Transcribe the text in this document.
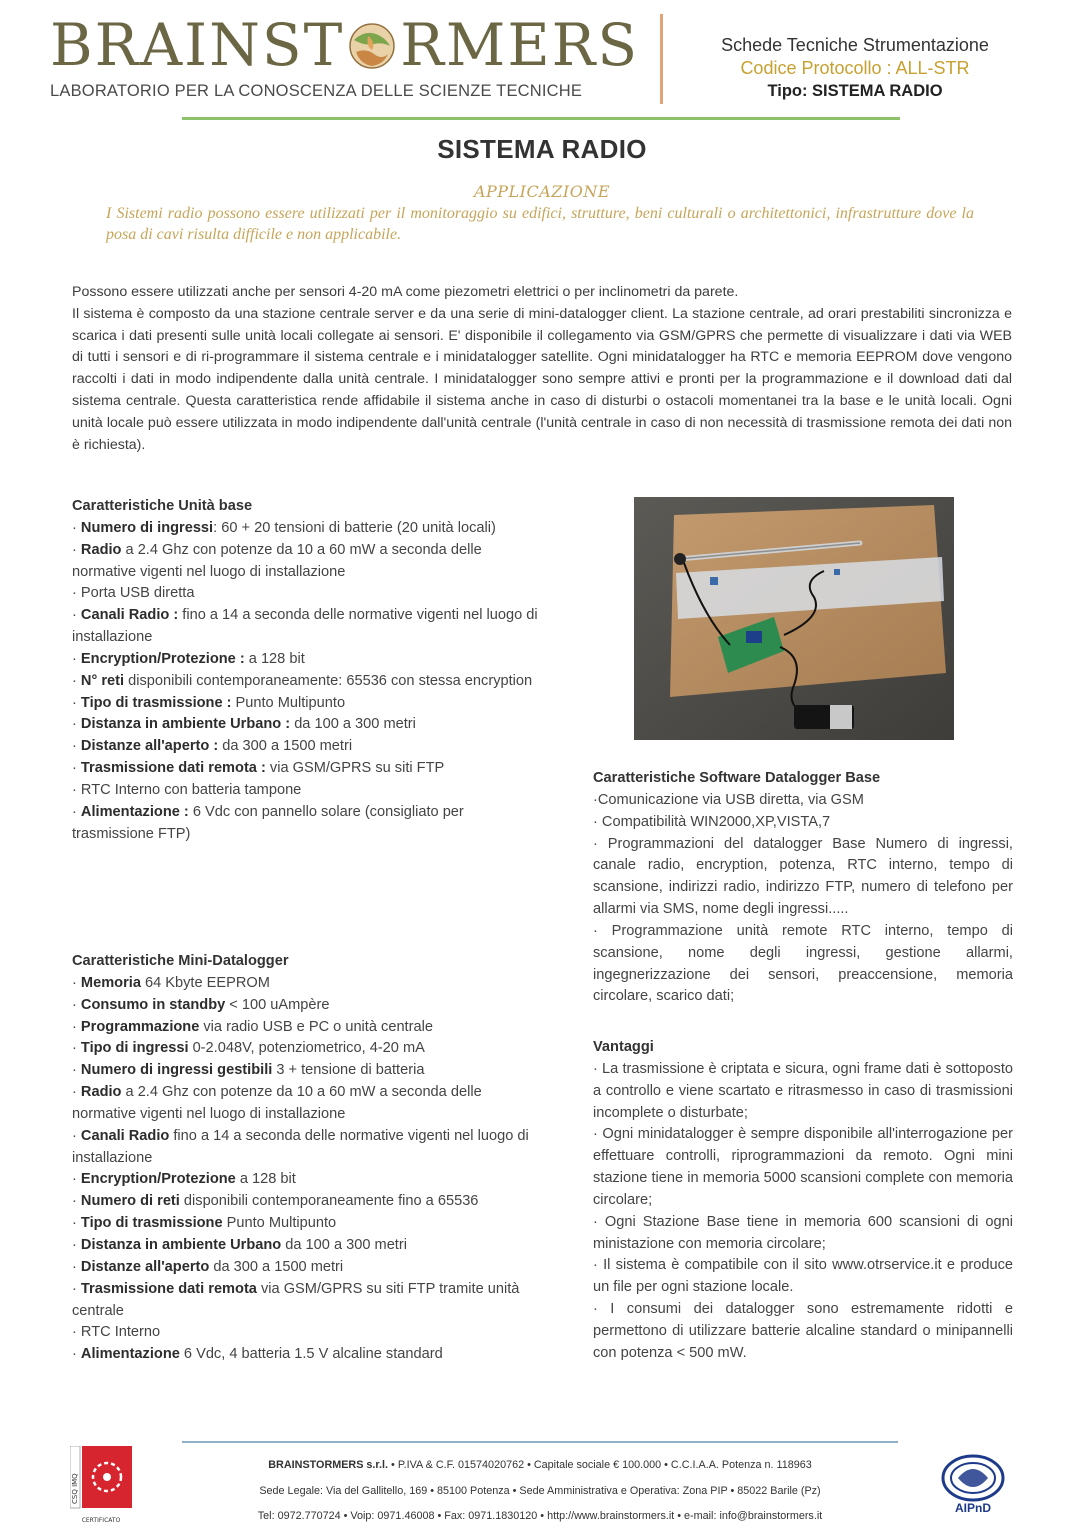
BRAINST RMERS
LABORATORIO PER LA CONOSCENZA DELLE SCIENZE TECNICHE
Schede Tecniche Strumentazione
Codice Protocollo : ALL-STR
Tipo: SISTEMA RADIO
SISTEMA RADIO
APPLICAZIONE
I Sistemi radio possono essere utilizzati per il monitoraggio su edifici, strutture, beni culturali o architettonici, infrastrutture dove la posa di cavi risulta difficile e non applicabile.

Possono essere utilizzati anche per sensori 4-20 mA come piezometri elettrici o per inclinometri da parete.

Il sistema è composto da una stazione centrale server e da una serie di mini-datalogger client. La stazione centrale, ad orari prestabiliti sincronizza e scarica i dati presenti sulle unità locali collegate ai sensori. E' disponibile il collegamento via GSM/GPRS che permette di visualizzare i dati via WEB di tutti i sensori e di ri-programmare il sistema centrale e i minidatalogger satellite. Ogni minidatalogger ha RTC e memoria EEPROM dove vengono raccolti i dati in modo indipendente dalla unità centrale. I minidatalogger sono sempre attivi e pronti per la programmazione e il download dati dal sistema centrale. Questa caratteristica rende affidabile il sistema anche in caso di disturbi o ostacoli momentanei tra la base e le unità locali. Ogni unità locale può essere utilizzata in modo indipendente dall'unità centrale (l'unità centrale in caso di non necessità di trasmissione remota dei dati non è richiesta).

Caratteristiche Unità base
· Numero di ingressi: 60 + 20 tensioni di batterie (20 unità locali)
· Radio a 2.4 Ghz con potenze da 10 a 60 mW a seconda delle normative vigenti nel luogo di installazione
· Porta USB diretta
· Canali Radio : fino a 14 a seconda delle normative vigenti nel luogo di installazione
· Encryption/Protezione : a 128 bit
· N° reti disponibili contemporaneamente: 65536 con stessa encryption
· Tipo di trasmissione : Punto Multipunto
· Distanza in ambiente Urbano : da 100 a 300 metri
· Distanze all'aperto : da 300 a 1500 metri
· Trasmissione dati remota : via GSM/GPRS su siti FTP
· RTC Interno con batteria tampone
· Alimentazione : 6 Vdc con pannello solare (consigliato per trasmissione FTP)
Caratteristiche Mini-Datalogger
· Memoria 64 Kbyte EEPROM
· Consumo in standby < 100 uAmpère
· Programmazione via radio USB e PC o unità centrale
· Tipo di ingressi 0-2.048V, potenziometrico, 4-20 mA
· Numero di ingressi gestibili 3 + tensione di batteria
· Radio a 2.4 Ghz con potenze da 10 a 60 mW a seconda delle normative vigenti nel luogo di installazione
· Canali Radio fino a 14 a seconda delle normative vigenti nel luogo di installazione
· Encryption/Protezione a 128 bit
· Numero di reti disponibili contemporaneamente fino a 65536
· Tipo di trasmissione Punto Multipunto
· Distanza in ambiente Urbano da 100 a 300 metri
· Distanze all'aperto da 300 a 1500 metri
· Trasmissione dati remota via GSM/GPRS su siti FTP tramite unità centrale
· RTC Interno
· Alimentazione 6 Vdc, 4 batteria 1.5 V alcaline standard
Caratteristiche Software Datalogger Base
·Comunicazione via USB diretta, via GSM
· Compatibilità WIN2000,XP,VISTA,7
· Programmazioni del datalogger Base Numero di ingressi, canale radio, encryption, potenza, RTC interno, tempo di scansione, indirizzi radio, indirizzo FTP, numero di telefono per allarmi via SMS, nome degli ingressi.....
· Programmazione unità remote RTC interno, tempo di scansione, nome degli ingressi, gestione allarmi, ingegnerizzazione dei sensori, preaccensione, memoria circolare, scarico dati;
Vantaggi
· La trasmissione è criptata e sicura, ogni frame dati è sottoposto a controllo e viene scartato e ritrasmesso in caso di trasmissioni incomplete o disturbate;
· Ogni minidatalogger è sempre disponibile all'interrogazione per effettuare controlli, riprogrammazioni da remoto. Ogni mini stazione tiene in memoria 5000 scansioni complete con memoria circolare;
· Ogni Stazione Base tiene in memoria 600 scansioni di ogni ministazione con memoria circolare;
· Il sistema è compatibile con il sito www.otrservice.it e produce un file per ogni stazione locale.
· I consumi dei datalogger sono estremamente ridotti e permettono di utilizzare batterie alcaline standard o minipannelli con potenza < 500 mW.
BRAINSTORMERS s.r.l. • P.IVA & C.F. 01574020762 • Capitale sociale € 100.000 • C.C.I.A.A. Potenza n. 118963
Sede Legale: Via del Gallitello, 169 • 85100 Potenza • Sede Amministrativa e Operativa: Zona PIP • 85022 Barile (Pz)
Tel: 0972.770724 • Voip: 0971.46008 • Fax: 0971.1830120 • http://www.brainstormers.it • e-mail: info@brainstormers.it
CSQ IMQ
CERTIFICATO
AIPnD
